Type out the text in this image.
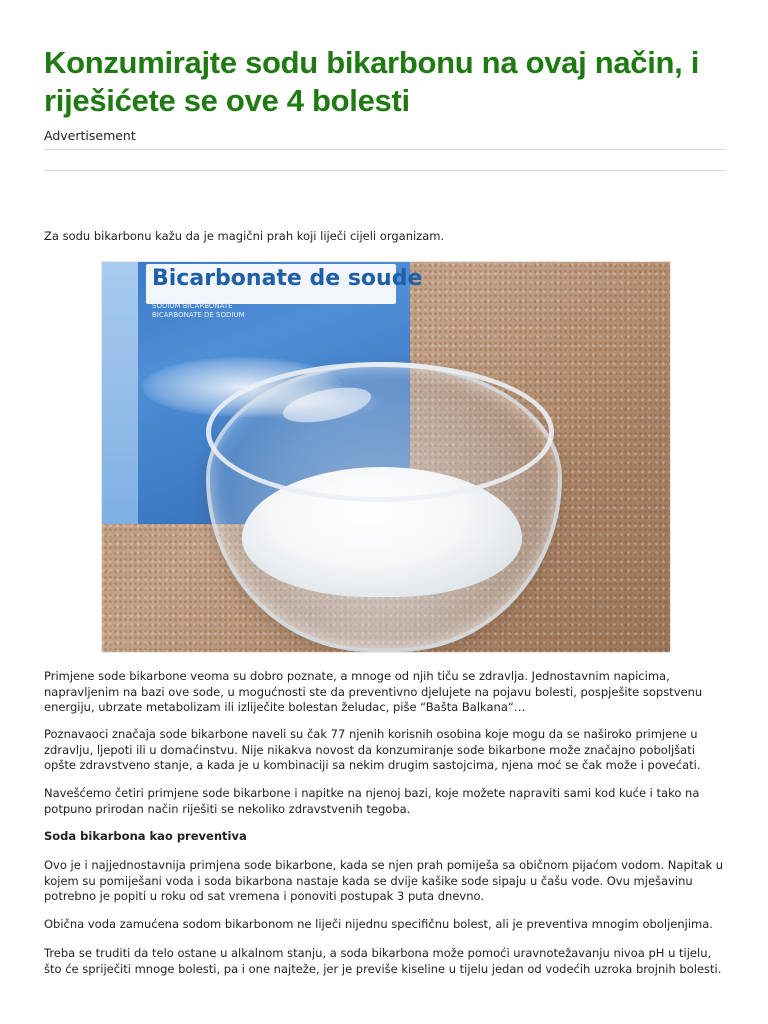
Konzumirajte sodu bikarbonu na ovaj način, i riješićete se ove 4 bolesti
Advertisement

Za sodu bikarbonu kažu da je magični prah koji liječi cijeli organizam.

Bicarbonate de soude
SODIUM BICARBONATE
BICARBONATE DE SODIUM

Primjene sode bikarbone veoma su dobro poznate, a mnoge od njih tiču se zdravlja. Jednostavnim napicima, napravljenim na bazi ove sode, u mogućnosti ste da preventivno djelujete na pojavu bolesti, pospješite sopstvenu energiju, ubrzate metabolizam ili izliječite bolestan želudac, piše “Bašta Balkana“…

Poznavaoci značaja sode bikarbone naveli su čak 77 njenih korisnih osobina koje mogu da se naširoko primjene u zdravlju, ljepoti ili u domaćinstvu. Nije nikakva novost da konzumiranje sode bikarbone može značajno poboljšati opšte zdravstveno stanje, a kada je u kombinaciji sa nekim drugim sastojcima, njena moć se čak može i povećati.

Navešćemo četiri primjene sode bikarbone i napitke na njenoj bazi, koje možete napraviti sami kod kuće i tako na potpuno prirodan način riješiti se nekoliko zdravstvenih tegoba.

Soda bikarbona kao preventiva

Ovo je i najjednostavnija primjena sode bikarbone, kada se njen prah pomiješa sa običnom pijaćom vodom. Napitak u kojem su pomiješani voda i soda bikarbona nastaje kada se dvije kašike sode sipaju u čašu vode. Ovu mješavinu potrebno je popiti u roku od sat vremena i ponoviti postupak 3 puta dnevno.

Obična voda zamućena sodom bikarbonom ne liječi nijednu specifičnu bolest, ali je preventiva mnogim oboljenjima.

Treba se truditi da telo ostane u alkalnom stanju, a soda bikarbona može pomoći uravnotežavanju nivoa pH u tijelu, što će spriječiti mnoge bolesti, pa i one najteže, jer je previše kiseline u tijelu jedan od vodećih uzroka brojnih bolesti.
